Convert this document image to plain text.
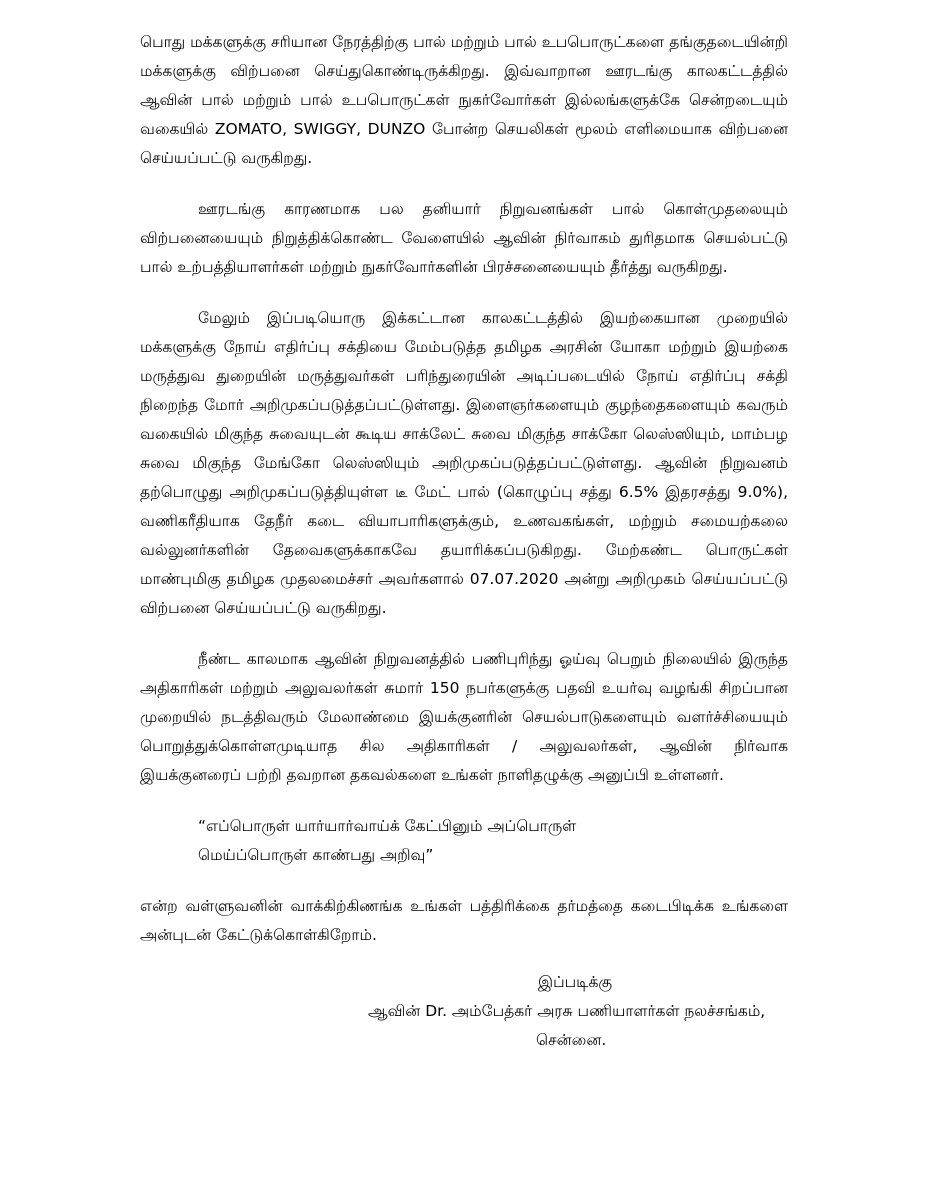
பொது மக்களுக்கு சரியான நேரத்திற்கு பால் மற்றும் பால் உபபொருட்களை தங்குதடையின்றி மக்களுக்கு விற்பனை செய்துகொண்டிருக்கிறது. இவ்வாறான ஊரடங்கு காலகட்டத்தில் ஆவின் பால் மற்றும் பால் உபபொருட்கள் நுகர்வோர்கள் இல்லங்களுக்கே சென்றடையும் வகையில் ZOMATO, SWIGGY, DUNZO போன்ற செயலிகள் மூலம் எளிமையாக விற்பனை செய்யப்பட்டு வருகிறது.

ஊரடங்கு காரணமாக பல தனியார் நிறுவனங்கள் பால் கொள்முதலையும் விற்பனையையும் நிறுத்திக்கொண்ட வேளையில் ஆவின் நிர்வாகம் துரிதமாக செயல்பட்டு பால் உற்பத்தியாளர்கள் மற்றும் நுகர்வோர்களின் பிரச்சனையையும் தீர்த்து வருகிறது.

மேலும் இப்படியொரு இக்கட்டான காலகட்டத்தில் இயற்கையான முறையில் மக்களுக்கு நோய் எதிர்ப்பு சக்தியை மேம்படுத்த தமிழக அரசின் யோகா மற்றும் இயற்கை மருத்துவ துறையின் மருத்துவர்கள் பரிந்துரையின் அடிப்படையில் நோய் எதிர்ப்பு சக்தி நிறைந்த மோர் அறிமுகப்படுத்தப்பட்டுள்ளது. இளைஞர்களையும் குழந்தைகளையும் கவரும் வகையில் மிகுந்த சுவையுடன் கூடிய சாக்லேட் சுவை மிகுந்த சாக்கோ லெஸ்ஸியும், மாம்பழ சுவை மிகுந்த மேங்கோ லெஸ்ஸியும் அறிமுகப்படுத்தப்பட்டுள்ளது. ஆவின் நிறுவனம் தற்பொழுது அறிமுகப்படுத்தியுள்ள டீ மேட் பால் (கொழுப்பு சத்து 6.5% இதரசத்து 9.0%), வணிகரீதியாக தேநீர் கடை வியாபாரிகளுக்கும், உணவகங்கள், மற்றும் சமையற்கலை வல்லுனர்களின் தேவைகளுக்காகவே தயாரிக்கப்படுகிறது. மேற்கண்ட பொருட்கள் மாண்புமிகு தமிழக முதலமைச்சர் அவர்களால் 07.07.2020 அன்று அறிமுகம் செய்யப்பட்டு விற்பனை செய்யப்பட்டு வருகிறது.

நீண்ட காலமாக ஆவின் நிறுவனத்தில் பணிபுரிந்து ஓய்வு பெறும் நிலையில் இருந்த அதிகாரிகள் மற்றும் அலுவலர்கள் சுமார் 150 நபர்களுக்கு பதவி உயர்வு வழங்கி சிறப்பான முறையில் நடத்திவரும் மேலாண்மை இயக்குனரின் செயல்பாடுகளையும் வளர்ச்சியையும் பொறுத்துக்கொள்ளமுடியாத சில அதிகாரிகள் / அலுவலர்கள், ஆவின் நிர்வாக இயக்குனரைப் பற்றி தவறான தகவல்களை உங்கள் நாளிதழுக்கு அனுப்பி உள்ளனர்.

“எப்பொருள் யார்யார்வாய்க் கேட்பினும் அப்பொருள்
மெய்ப்பொருள் காண்பது அறிவு”

என்ற வள்ளுவனின் வாக்கிற்கிணங்க உங்கள் பத்திரிக்கை தர்மத்தை கடைபிடிக்க உங்களை அன்புடன் கேட்டுக்கொள்கிறோம்.

இப்படிக்கு
ஆவின் Dr. அம்பேத்கர் அரசு பணியாளர்கள் நலச்சங்கம்,
சென்னை.
